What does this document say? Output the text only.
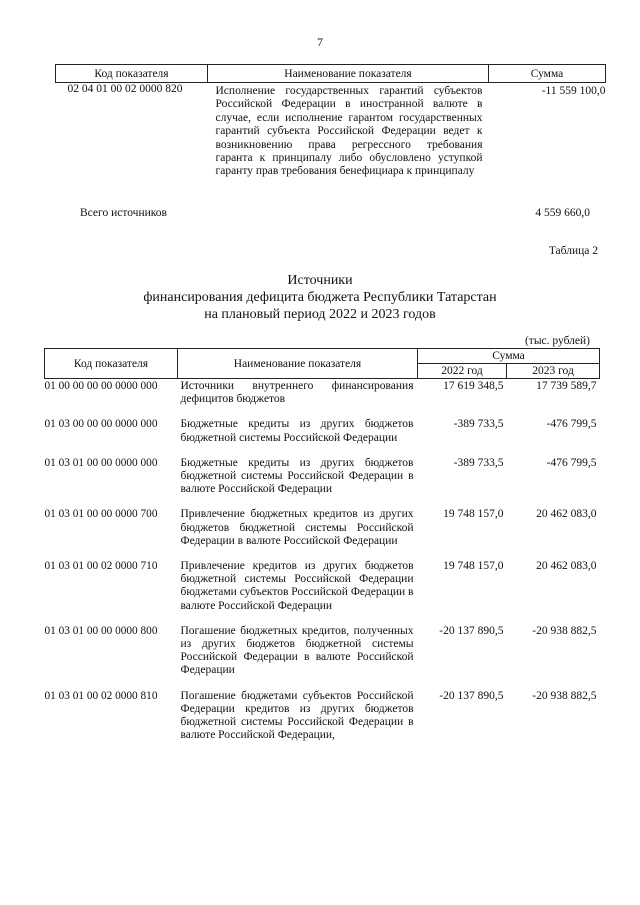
7
Код показателя	Наименование показателя	Сумма
02 04 01 00 02 0000 820	Исполнение государственных гарантий субъектов Российской Федерации в иностранной валюте в случае, если исполнение гарантом государственных гарантий субъекта Российской Федерации ведет к возникновению права регрессного требования гаранта к принципалу либо обусловлено уступкой гаранту прав требования бенефициара к принципалу	-11 559 100,0
Всего источников	4 559 660,0
Таблица 2
Источники
финансирования дефицита бюджета Республики Татарстан
на плановый период 2022 и 2023 годов
(тыс. рублей)
Код показателя	Наименование показателя	Сумма	
		2022 год	2023 год
01 00 00 00 00 0000 000	Источники внутреннего финансирования дефицитов бюджетов	17 619 348,5	17 739 589,7
01 03 00 00 00 0000 000	Бюджетные кредиты из других бюджетов бюджетной системы Российской Федерации	-389 733,5	-476 799,5
01 03 01 00 00 0000 000	Бюджетные кредиты из других бюджетов бюджетной системы Российской Федерации в валюте Российской Федерации	-389 733,5	-476 799,5
01 03 01 00 00 0000 700	Привлечение бюджетных кредитов из других бюджетов бюджетной системы Российской Федерации в валюте Российской Федерации	19 748 157,0	20 462 083,0
01 03 01 00 02 0000 710	Привлечение кредитов из других бюджетов бюджетной системы Российской Федерации бюджетами субъектов Российской Федерации в валюте Российской Федерации	19 748 157,0	20 462 083,0
01 03 01 00 00 0000 800	Погашение бюджетных кредитов, полученных из других бюджетов бюджетной системы Российской Федерации в валюте Российской Федерации	-20 137 890,5	-20 938 882,5
01 03 01 00 02 0000 810	Погашение бюджетами субъектов Российской Федерации кредитов из других бюджетов бюджетной системы Российской Федерации в валюте Российской Федерации,	-20 137 890,5	-20 938 882,5
